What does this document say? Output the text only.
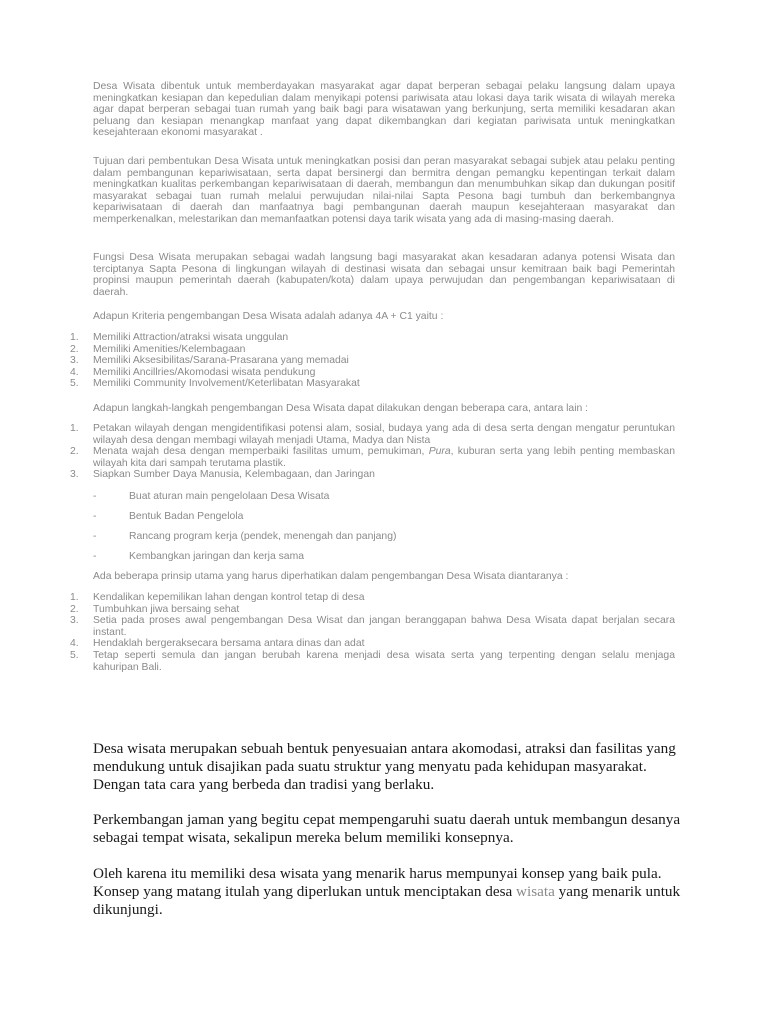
Desa Wisata dibentuk untuk memberdayakan masyarakat agar dapat berperan sebagai pelaku langsung dalam upaya meningkatkan kesiapan dan kepedulian dalam menyikapi potensi pariwisata atau lokasi daya tarik wisata di wilayah mereka agar dapat berperan sebagai tuan rumah yang baik bagi para wisatawan yang berkunjung, serta memiliki kesadaran akan peluang dan kesiapan menangkap manfaat yang dapat dikembangkan dari kegiatan pariwisata untuk meningkatkan kesejahteraan ekonomi masyarakat .

Tujuan dari pembentukan Desa Wisata untuk meningkatkan posisi dan peran masyarakat sebagai subjek atau pelaku penting dalam pembangunan kepariwisataan, serta dapat bersinergi dan bermitra dengan pemangku kepentingan terkait dalam meningkatkan kualitas perkembangan kepariwisataan di daerah, membangun dan menumbuhkan sikap dan dukungan positif masyarakat sebagai tuan rumah melalui perwujudan nilai-nilai Sapta Pesona bagi tumbuh dan berkembangnya kepariwisataan di daerah dan manfaatnya bagi pembangunan daerah maupun kesejahteraan masyarakat dan memperkenalkan, melestarikan dan memanfaatkan potensi daya tarik wisata yang ada di masing-masing daerah.

Fungsi Desa Wisata merupakan sebagai wadah langsung bagi masyarakat akan kesadaran adanya potensi Wisata dan terciptanya Sapta Pesona di lingkungan wilayah di destinasi wisata dan sebagai unsur kemitraan baik bagi Pemerintah propinsi maupun pemerintah daerah (kabupaten/kota) dalam upaya perwujudan dan pengembangan kepariwisataan di daerah.

Adapun Kriteria pengembangan Desa Wisata adalah adanya 4A + C1 yaitu :

1. Memiliki Attraction/atraksi wisata unggulan
2. Memiliki Amenities/Kelembagaan
3. Memiliki Aksesibilitas/Sarana-Prasarana yang memadai
4. Memiliki Ancillries/Akomodasi wisata pendukung
5. Memiliki Community Involvement/Keterlibatan Masyarakat

Adapun langkah-langkah pengembangan Desa Wisata dapat dilakukan dengan beberapa cara, antara lain :

1. Petakan wilayah dengan mengidentifikasi potensi alam, sosial, budaya yang ada di desa serta dengan mengatur peruntukan wilayah desa dengan membagi wilayah menjadi Utama, Madya dan Nista
2. Menata wajah desa dengan memperbaiki fasilitas umum, pemukiman, Pura, kuburan serta yang lebih penting membaskan wilayah kita dari sampah terutama plastik.
3. Siapkan Sumber Daya Manusia, Kelembagaan, dan Jaringan
-	Buat aturan main pengelolaan Desa Wisata
-	Bentuk Badan Pengelola
-	Rancang program kerja (pendek, menengah dan panjang)
-	Kembangkan jaringan dan kerja sama

Ada beberapa prinsip utama yang harus diperhatikan dalam pengembangan Desa Wisata diantaranya :

1. Kendalikan kepemilikan lahan dengan kontrol tetap di desa
2. Tumbuhkan jiwa bersaing sehat
3. Setia pada proses awal pengembangan Desa Wisat dan jangan beranggapan bahwa Desa Wisata dapat berjalan secara instant.
4. Hendaklah bergeraksecara bersama antara dinas dan adat
5. Tetap seperti semula dan jangan berubah karena menjadi desa wisata serta yang terpenting dengan selalu menjaga kahuripan Bali.

Desa wisata merupakan sebuah bentuk penyesuaian antara akomodasi, atraksi dan fasilitas yang mendukung untuk disajikan pada suatu struktur yang menyatu pada kehidupan masyarakat. Dengan tata cara yang berbeda dan tradisi yang berlaku.

Perkembangan jaman yang begitu cepat mempengaruhi suatu daerah untuk membangun desanya sebagai tempat wisata, sekalipun mereka belum memiliki konsepnya.

Oleh karena itu memiliki desa wisata yang menarik harus mempunyai konsep yang baik pula. Konsep yang matang itulah yang diperlukan untuk menciptakan desa wisata yang menarik untuk dikunjungi.
